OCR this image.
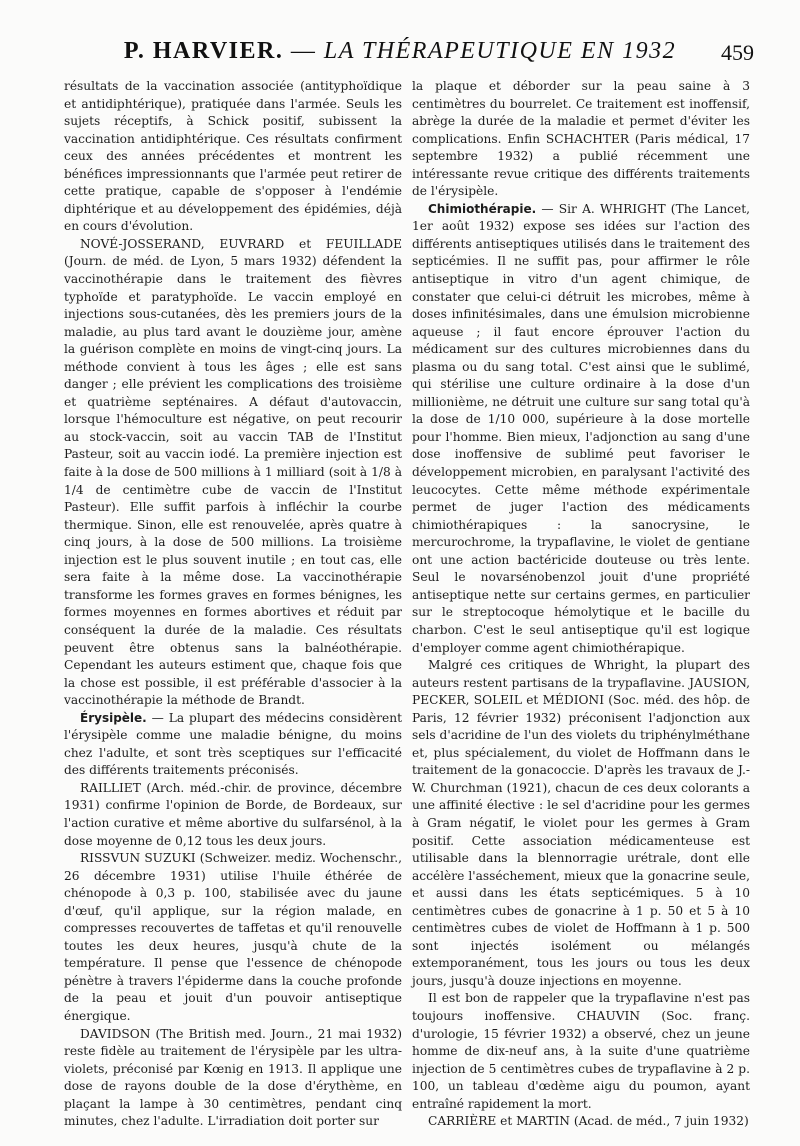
P. HARVIER. — LA THÉRAPEUTIQUE EN 1932	459

résultats de la vaccination associée (antityphoïdique et antidiphtérique), pratiquée dans l'armée. Seuls les sujets réceptifs, à Schick positif, subissent la vaccination antidiphtérique. Ces résultats confirment ceux des années précédentes et montrent les bénéfices impressionnants que l'armée peut retirer de cette pratique, capable de s'opposer à l'endémie diphtérique et au développement des épidémies, déjà en cours d'évolution.

NOVÉ-JOSSERAND, EUVRARD et FEUILLADE (Journ. de méd. de Lyon, 5 mars 1932) défendent la vaccinothérapie dans le traitement des fièvres typhoïde et paratyphoïde. Le vaccin employé en injections sous-cutanées, dès les premiers jours de la maladie, au plus tard avant le douzième jour, amène la guérison complète en moins de vingt-cinq jours. La méthode convient à tous les âges ; elle est sans danger ; elle prévient les complications des troisième et quatrième septénaires. A défaut d'autovaccin, lorsque l'hémoculture est négative, on peut recourir au stock-vaccin, soit au vaccin TAB de l'Institut Pasteur, soit au vaccin iodé. La première injection est faite à la dose de 500 millions à 1 milliard (soit à 1/8 à 1/4 de centimètre cube de vaccin de l'Institut Pasteur). Elle suffit parfois à infléchir la courbe thermique. Sinon, elle est renouvelée, après quatre à cinq jours, à la dose de 500 millions. La troisième injection est le plus souvent inutile ; en tout cas, elle sera faite à la même dose. La vaccinothérapie transforme les formes graves en formes bénignes, les formes moyennes en formes abortives et réduit par conséquent la durée de la maladie. Ces résultats peuvent être obtenus sans la balnéothérapie. Cependant les auteurs estiment que, chaque fois que la chose est possible, il est préférable d'associer à la vaccinothérapie la méthode de Brandt.

Érysipèle. — La plupart des médecins considèrent l'érysipèle comme une maladie bénigne, du moins chez l'adulte, et sont très sceptiques sur l'efficacité des différents traitements préconisés.

RAILLIET (Arch. méd.-chir. de province, décembre 1931) confirme l'opinion de Borde, de Bordeaux, sur l'action curative et même abortive du sulfarsénol, à la dose moyenne de 0,12 tous les deux jours.

RISSVUN SUZUKI (Schweizer. mediz. Wochenschr., 26 décembre 1931) utilise l'huile éthérée de chénopode à 0,3 p. 100, stabilisée avec du jaune d'œuf, qu'il applique, sur la région malade, en compresses recouvertes de taffetas et qu'il renouvelle toutes les deux heures, jusqu'à chute de la température. Il pense que l'essence de chénopode pénètre à travers l'épiderme dans la couche profonde de la peau et jouit d'un pouvoir antiseptique énergique.

DAVIDSON (The British med. Journ., 21 mai 1932) reste fidèle au traitement de l'érysipèle par les ultra-violets, préconisé par Kœnig en 1913. Il applique une dose de rayons double de la dose d'érythème, en plaçant la lampe à 30 centimètres, pendant cinq minutes, chez l'adulte. L'irradiation doit porter sur

la plaque et déborder sur la peau saine à 3 centimètres du bourrelet. Ce traitement est inoffensif, abrège la durée de la maladie et permet d'éviter les complications. Enfin SCHACHTER (Paris médical, 17 septembre 1932) a publié récemment une intéressante revue critique des différents traitements de l'érysipèle.

Chimiothérapie. — Sir A. WHRIGHT (The Lancet, 1er août 1932) expose ses idées sur l'action des différents antiseptiques utilisés dans le traitement des septicémies. Il ne suffit pas, pour affirmer le rôle antiseptique in vitro d'un agent chimique, de constater que celui-ci détruit les microbes, même à doses infinitésimales, dans une émulsion microbienne aqueuse ; il faut encore éprouver l'action du médicament sur des cultures microbiennes dans du plasma ou du sang total. C'est ainsi que le sublimé, qui stérilise une culture ordinaire à la dose d'un millionième, ne détruit une culture sur sang total qu'à la dose de 1/10 000, supérieure à la dose mortelle pour l'homme. Bien mieux, l'adjonction au sang d'une dose inoffensive de sublimé peut favoriser le développement microbien, en paralysant l'activité des leucocytes. Cette même méthode expérimentale permet de juger l'action des médicaments chimiothérapiques : la sanocrysine, le mercurochrome, la trypaflavine, le violet de gentiane ont une action bactéricide douteuse ou très lente. Seul le novarsénobenzol jouit d'une propriété antiseptique nette sur certains germes, en particulier sur le streptocoque hémolytique et le bacille du charbon. C'est le seul antiseptique qu'il est logique d'employer comme agent chimiothérapique.

Malgré ces critiques de Whright, la plupart des auteurs restent partisans de la trypaflavine. JAUSION, PECKER, SOLEIL et MÉDIONI (Soc. méd. des hôp. de Paris, 12 février 1932) préconisent l'adjonction aux sels d'acridine de l'un des violets du triphénylméthane et, plus spécialement, du violet de Hoffmann dans le traitement de la gonacoccie. D'après les travaux de J.-W. Churchman (1921), chacun de ces deux colorants a une affinité élective : le sel d'acridine pour les germes à Gram négatif, le violet pour les germes à Gram positif. Cette association médicamenteuse est utilisable dans la blennorragie urétrale, dont elle accélère l'asséchement, mieux que la gonacrine seule, et aussi dans les états septicémiques. 5 à 10 centimètres cubes de gonacrine à 1 p. 50 et 5 à 10 centimètres cubes de violet de Hoffmann à 1 p. 500 sont injectés isolément ou mélangés extemporanément, tous les jours ou tous les deux jours, jusqu'à douze injections en moyenne.

Il est bon de rappeler que la trypaflavine n'est pas toujours inoffensive. CHAUVIN (Soc. franç. d'urologie, 15 février 1932) a observé, chez un jeune homme de dix-neuf ans, à la suite d'une quatrième injection de 5 centimètres cubes de trypaflavine à 2 p. 100, un tableau d'œdème aigu du poumon, ayant entraîné rapidement la mort.

CARRIÈRE et MARTIN (Acad. de méd., 7 juin 1932)
